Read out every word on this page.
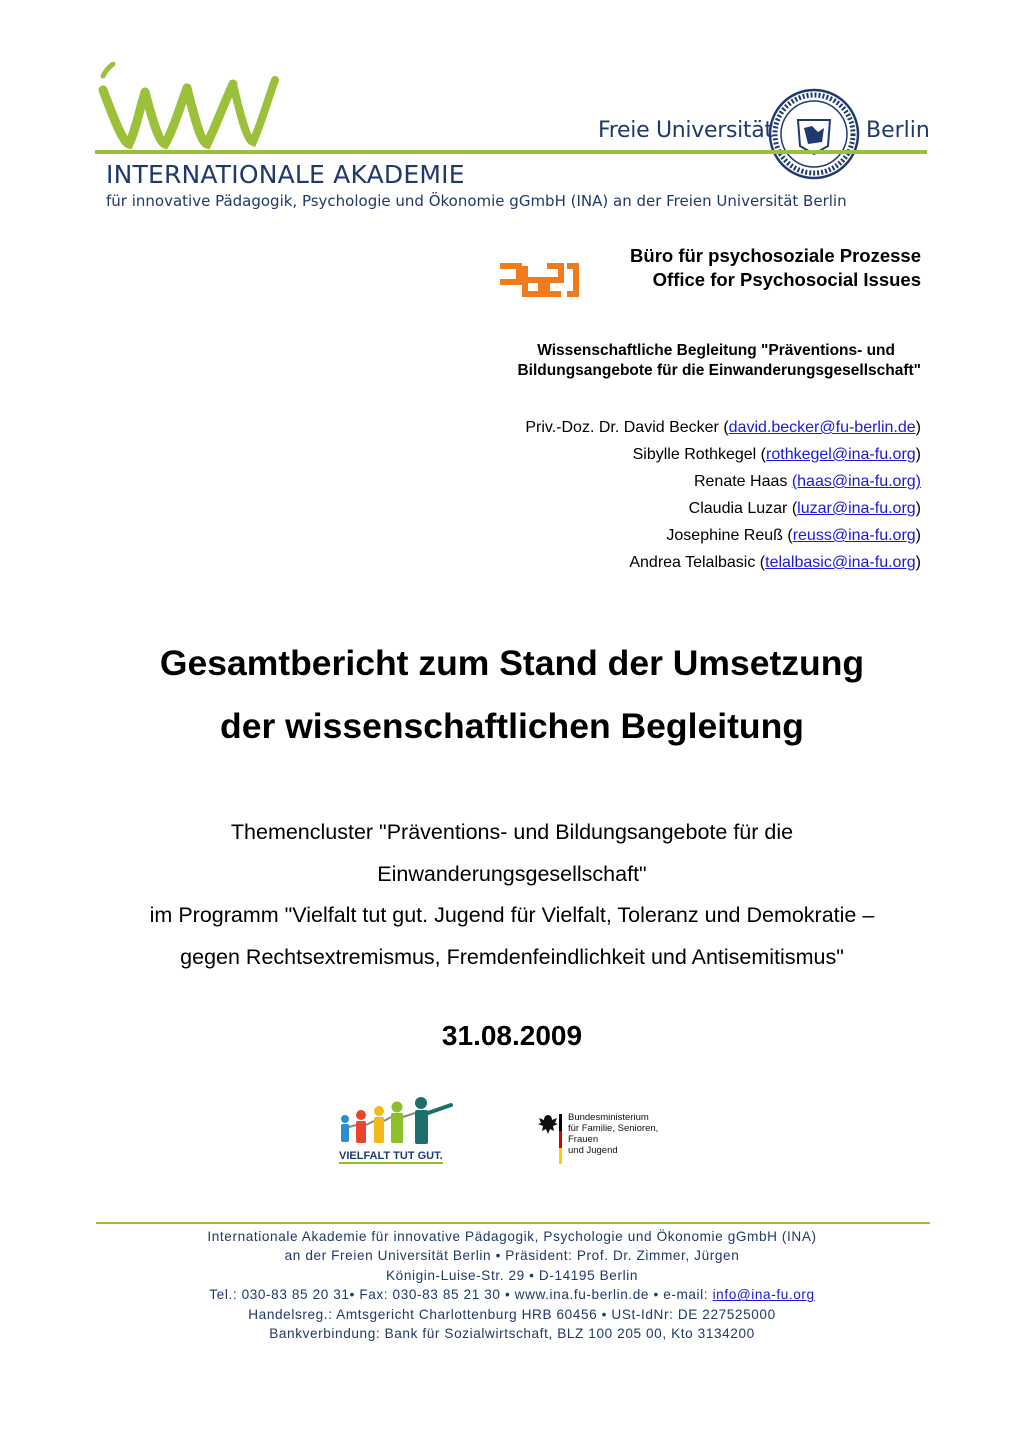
Freie Universität	Berlin
INTERNATIONALE AKADEMIE
für innovative Pädagogik, Psychologie und Ökonomie gGmbH (INA) an der Freien Universität Berlin
Büro für psychosoziale Prozesse
Office for Psychosocial Issues
Wissenschaftliche Begleitung "Präventions- und
Bildungsangebote für die Einwanderungsgesellschaft"
Priv.-Doz. Dr. David Becker (david.becker@fu-berlin.de)
Sibylle Rothkegel (rothkegel@ina-fu.org)
Renate Haas (haas@ina-fu.org)
Claudia Luzar (luzar@ina-fu.org)
Josephine Reuß (reuss@ina-fu.org)
Andrea Telalbasic (telalbasic@ina-fu.org)
Gesamtbericht zum Stand der Umsetzung
der wissenschaftlichen Begleitung
Themencluster "Präventions- und Bildungsangebote für die
Einwanderungsgesellschaft"
im Programm "Vielfalt tut gut. Jugend für Vielfalt, Toleranz und Demokratie –
gegen Rechtsextremismus, Fremdenfeindlichkeit und Antisemitismus"
31.08.2009
VIELFALT TUT GUT.
Bundesministerium
für Familie, Senioren, Frauen
und Jugend
Internationale Akademie für innovative Pädagogik, Psychologie und Ökonomie gGmbH (INA)
an der Freien Universität Berlin • Präsident: Prof. Dr. Zimmer, Jürgen
Königin-Luise-Str. 29 • D-14195 Berlin
Tel.: 030-83 85 20 31• Fax: 030-83 85 21 30 • www.ina.fu-berlin.de • e-mail: info@ina-fu.org
Handelsreg.: Amtsgericht Charlottenburg HRB 60456 • USt-IdNr: DE 227525000
Bankverbindung: Bank für Sozialwirtschaft, BLZ 100 205 00, Kto 3134200
